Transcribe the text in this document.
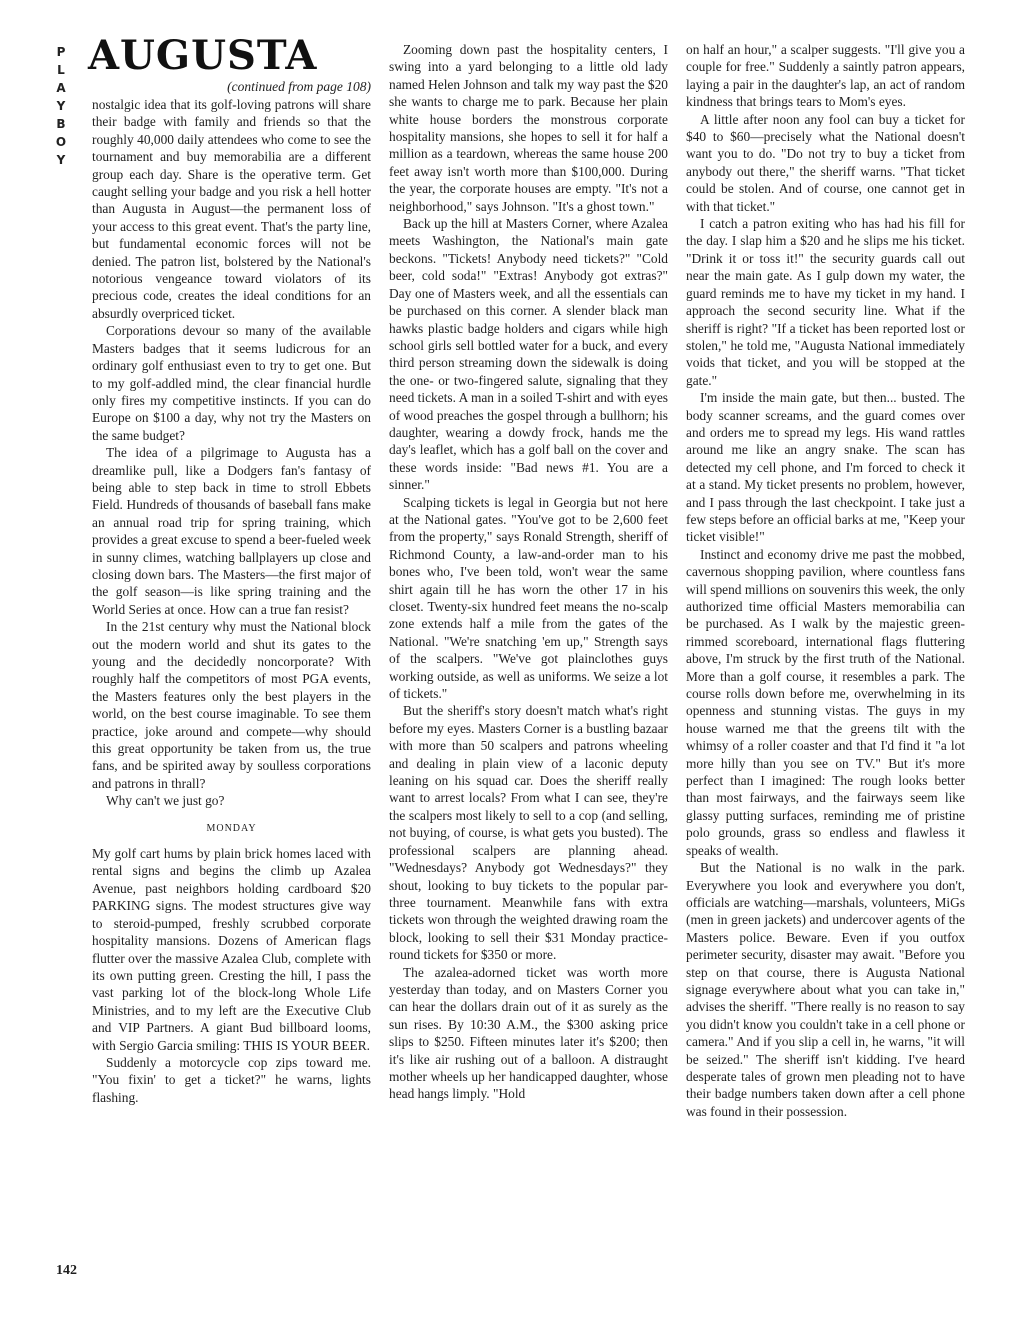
P
L
A
Y
B
O
Y
AUGUSTA
(continued from page 108)

nostalgic idea that its golf-loving patrons will share their badge with family and friends so that the roughly 40,000 daily attendees who come to see the tournament and buy memorabilia are a different group each day. Share is the operative term. Get caught selling your badge and you risk a hell hotter than Augusta in August—the permanent loss of your access to this great event. That's the party line, but fundamental economic forces will not be denied. The patron list, bolstered by the National's notorious vengeance toward violators of its precious code, creates the ideal conditions for an absurdly overpriced ticket.

Corporations devour so many of the available Masters badges that it seems ludicrous for an ordinary golf enthusiast even to try to get one. But to my golf-addled mind, the clear financial hurdle only fires my competitive instincts. If you can do Europe on $100 a day, why not try the Masters on the same budget?

The idea of a pilgrimage to Augusta has a dreamlike pull, like a Dodgers fan's fantasy of being able to step back in time to stroll Ebbets Field. Hundreds of thousands of baseball fans make an annual road trip for spring training, which provides a great excuse to spend a beer-fueled week in sunny climes, watching ballplayers up close and closing down bars. The Masters—the first major of the golf season—is like spring training and the World Series at once. How can a true fan resist?

In the 21st century why must the National block out the modern world and shut its gates to the young and the decidedly noncorporate? With roughly half the competitors of most PGA events, the Masters features only the best players in the world, on the best course imaginable. To see them practice, joke around and compete—why should this great opportunity be taken from us, the true fans, and be spirited away by soulless corporations and patrons in thrall?

Why can't we just go?

MONDAY

My golf cart hums by plain brick homes laced with rental signs and begins the climb up Azalea Avenue, past neighbors holding cardboard $20 PARKING signs. The modest structures give way to steroid-pumped, freshly scrubbed corporate hospitality mansions. Dozens of American flags flutter over the massive Azalea Club, complete with its own putting green. Cresting the hill, I pass the vast parking lot of the block-long Whole Life Ministries, and to my left are the Executive Club and VIP Partners. A giant Bud billboard looms, with Sergio Garcia smiling: THIS IS YOUR BEER.

Suddenly a motorcycle cop zips toward me. "You fixin' to get a ticket?" he warns, lights flashing.

Zooming down past the hospitality centers, I swing into a yard belonging to a little old lady named Helen Johnson and talk my way past the $20 she wants to charge me to park. Because her plain white house borders the monstrous corporate hospitality mansions, she hopes to sell it for half a million as a teardown, whereas the same house 200 feet away isn't worth more than $100,000. During the year, the corporate houses are empty. "It's not a neighborhood," says Johnson. "It's a ghost town."

Back up the hill at Masters Corner, where Azalea meets Washington, the National's main gate beckons. "Tickets! Anybody need tickets?" "Cold beer, cold soda!" "Extras! Anybody got extras?" Day one of Masters week, and all the essentials can be purchased on this corner. A slender black man hawks plastic badge holders and cigars while high school girls sell bottled water for a buck, and every third person streaming down the sidewalk is doing the one- or two-fingered salute, signaling that they need tickets. A man in a soiled T-shirt and with eyes of wood preaches the gospel through a bullhorn; his daughter, wearing a dowdy frock, hands me the day's leaflet, which has a golf ball on the cover and these words inside: "Bad news #1. You are a sinner."

Scalping tickets is legal in Georgia but not here at the National gates. "You've got to be 2,600 feet from the property," says Ronald Strength, sheriff of Richmond County, a law-and-order man to his bones who, I've been told, won't wear the same shirt again till he has worn the other 17 in his closet. Twenty-six hundred feet means the no-scalp zone extends half a mile from the gates of the National. "We're snatching 'em up," Strength says of the scalpers. "We've got plainclothes guys working outside, as well as uniforms. We seize a lot of tickets."

But the sheriff's story doesn't match what's right before my eyes. Masters Corner is a bustling bazaar with more than 50 scalpers and patrons wheeling and dealing in plain view of a laconic deputy leaning on his squad car. Does the sheriff really want to arrest locals? From what I can see, they're the scalpers most likely to sell to a cop (and selling, not buying, of course, is what gets you busted). The professional scalpers are planning ahead. "Wednesdays? Anybody got Wednesdays?" they shout, looking to buy tickets to the popular par-three tournament. Meanwhile fans with extra tickets won through the weighted drawing roam the block, looking to sell their $31 Monday practice-round tickets for $350 or more.

The azalea-adorned ticket was worth more yesterday than today, and on Masters Corner you can hear the dollars drain out of it as surely as the sun rises. By 10:30 A.M., the $300 asking price slips to $250. Fifteen minutes later it's $200; then it's like air rushing out of a balloon. A distraught mother wheels up her handicapped daughter, whose head hangs limply. "Hold

on half an hour," a scalper suggests. "I'll give you a couple for free." Suddenly a saintly patron appears, laying a pair in the daughter's lap, an act of random kindness that brings tears to Mom's eyes.

A little after noon any fool can buy a ticket for $40 to $60—precisely what the National doesn't want you to do. "Do not try to buy a ticket from anybody out there," the sheriff warns. "That ticket could be stolen. And of course, one cannot get in with that ticket."

I catch a patron exiting who has had his fill for the day. I slap him a $20 and he slips me his ticket. "Drink it or toss it!" the security guards call out near the main gate. As I gulp down my water, the guard reminds me to have my ticket in my hand. I approach the second security line. What if the sheriff is right? "If a ticket has been reported lost or stolen," he told me, "Augusta National immediately voids that ticket, and you will be stopped at the gate."

I'm inside the main gate, but then... busted. The body scanner screams, and the guard comes over and orders me to spread my legs. His wand rattles around me like an angry snake. The scan has detected my cell phone, and I'm forced to check it at a stand. My ticket presents no problem, however, and I pass through the last checkpoint. I take just a few steps before an official barks at me, "Keep your ticket visible!"

Instinct and economy drive me past the mobbed, cavernous shopping pavilion, where countless fans will spend millions on souvenirs this week, the only authorized time official Masters memorabilia can be purchased. As I walk by the majestic green-rimmed scoreboard, international flags fluttering above, I'm struck by the first truth of the National. More than a golf course, it resembles a park. The course rolls down before me, overwhelming in its openness and stunning vistas. The guys in my house warned me that the greens tilt with the whimsy of a roller coaster and that I'd find it "a lot more hilly than you see on TV." But it's more perfect than I imagined: The rough looks better than most fairways, and the fairways seem like glassy putting surfaces, reminding me of pristine polo grounds, grass so endless and flawless it speaks of wealth.

But the National is no walk in the park. Everywhere you look and everywhere you don't, officials are watching—marshals, volunteers, MiGs (men in green jackets) and undercover agents of the Masters police. Beware. Even if you outfox perimeter security, disaster may await. "Before you step on that course, there is Augusta National signage everywhere about what you can take in," advises the sheriff. "There really is no reason to say you didn't know you couldn't take in a cell phone or camera." And if you slip a cell in, he warns, "it will be seized." The sheriff isn't kidding. I've heard desperate tales of grown men pleading not to have their badge numbers taken down after a cell phone was found in their possession.

142
